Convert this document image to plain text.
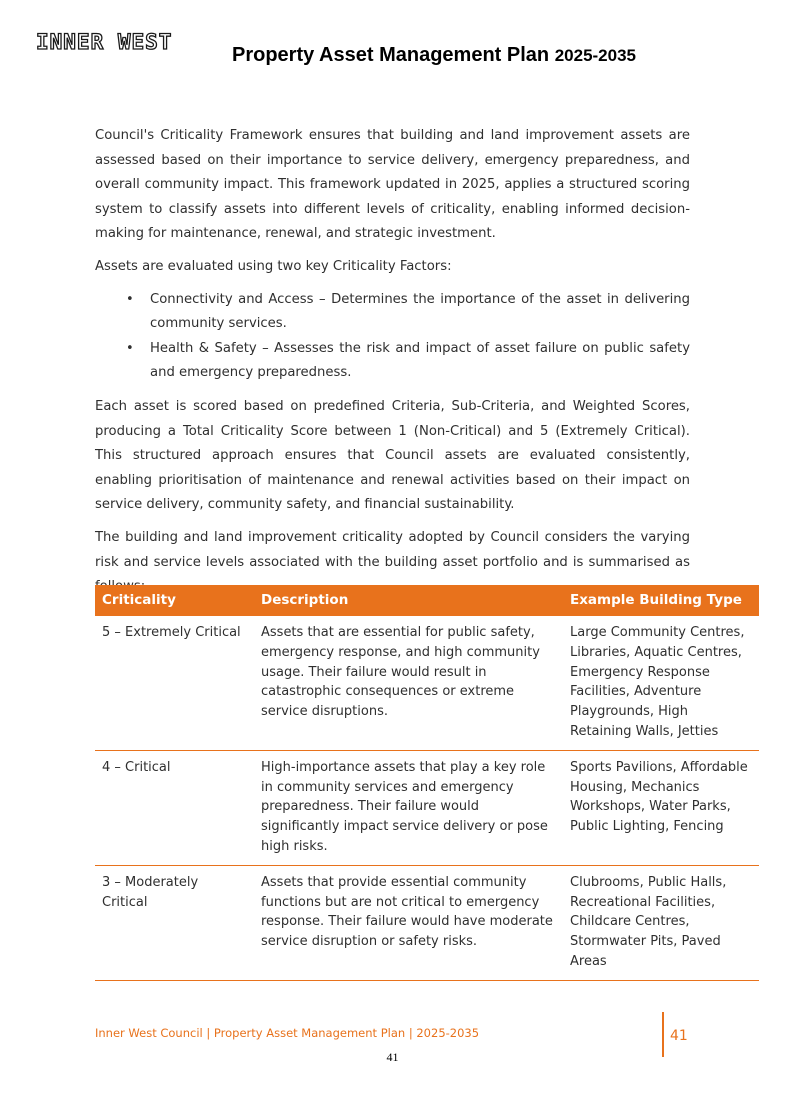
INNER WEST
Property Asset Management Plan 2025-2035

Council's Criticality Framework ensures that building and land improvement assets are assessed based on their importance to service delivery, emergency preparedness, and overall community impact. This framework updated in 2025, applies a structured scoring system to classify assets into different levels of criticality, enabling informed decision-making for maintenance, renewal, and strategic investment.

Assets are evaluated using two key Criticality Factors:

• Connectivity and Access – Determines the importance of the asset in delivering community services.
• Health & Safety – Assesses the risk and impact of asset failure on public safety and emergency preparedness.

Each asset is scored based on predefined Criteria, Sub-Criteria, and Weighted Scores, producing a Total Criticality Score between 1 (Non-Critical) and 5 (Extremely Critical). This structured approach ensures that Council assets are evaluated consistently, enabling prioritisation of maintenance and renewal activities based on their impact on service delivery, community safety, and financial sustainability.

The building and land improvement criticality adopted by Council considers the varying risk and service levels associated with the building asset portfolio and is summarised as

Criticality	Description	Example Building Type
5 – Extremely Critical	Assets that are essential for public safety, emergency response, and high community usage. Their failure would result in catastrophic consequences or extreme service disruptions.	Large Community Centres, Libraries, Aquatic Centres, Emergency Response Facilities, Adventure Playgrounds, High Retaining Walls, Jetties
4 – Critical	High-importance assets that play a key role in community services and emergency preparedness. Their failure would significantly impact service delivery or pose high risks.	Sports Pavilions, Affordable Housing, Mechanics Workshops, Water Parks, Public Lighting, Fencing
3 – Moderately Critical	Assets that provide essential community functions but are not critical to emergency response. Their failure would have moderate service disruption or safety risks.	Clubrooms, Public Halls, Recreational Facilities, Childcare Centres, Stormwater Pits, Paved Areas
Inner West Council | Property Asset Management Plan | 2025-2035	41
41
